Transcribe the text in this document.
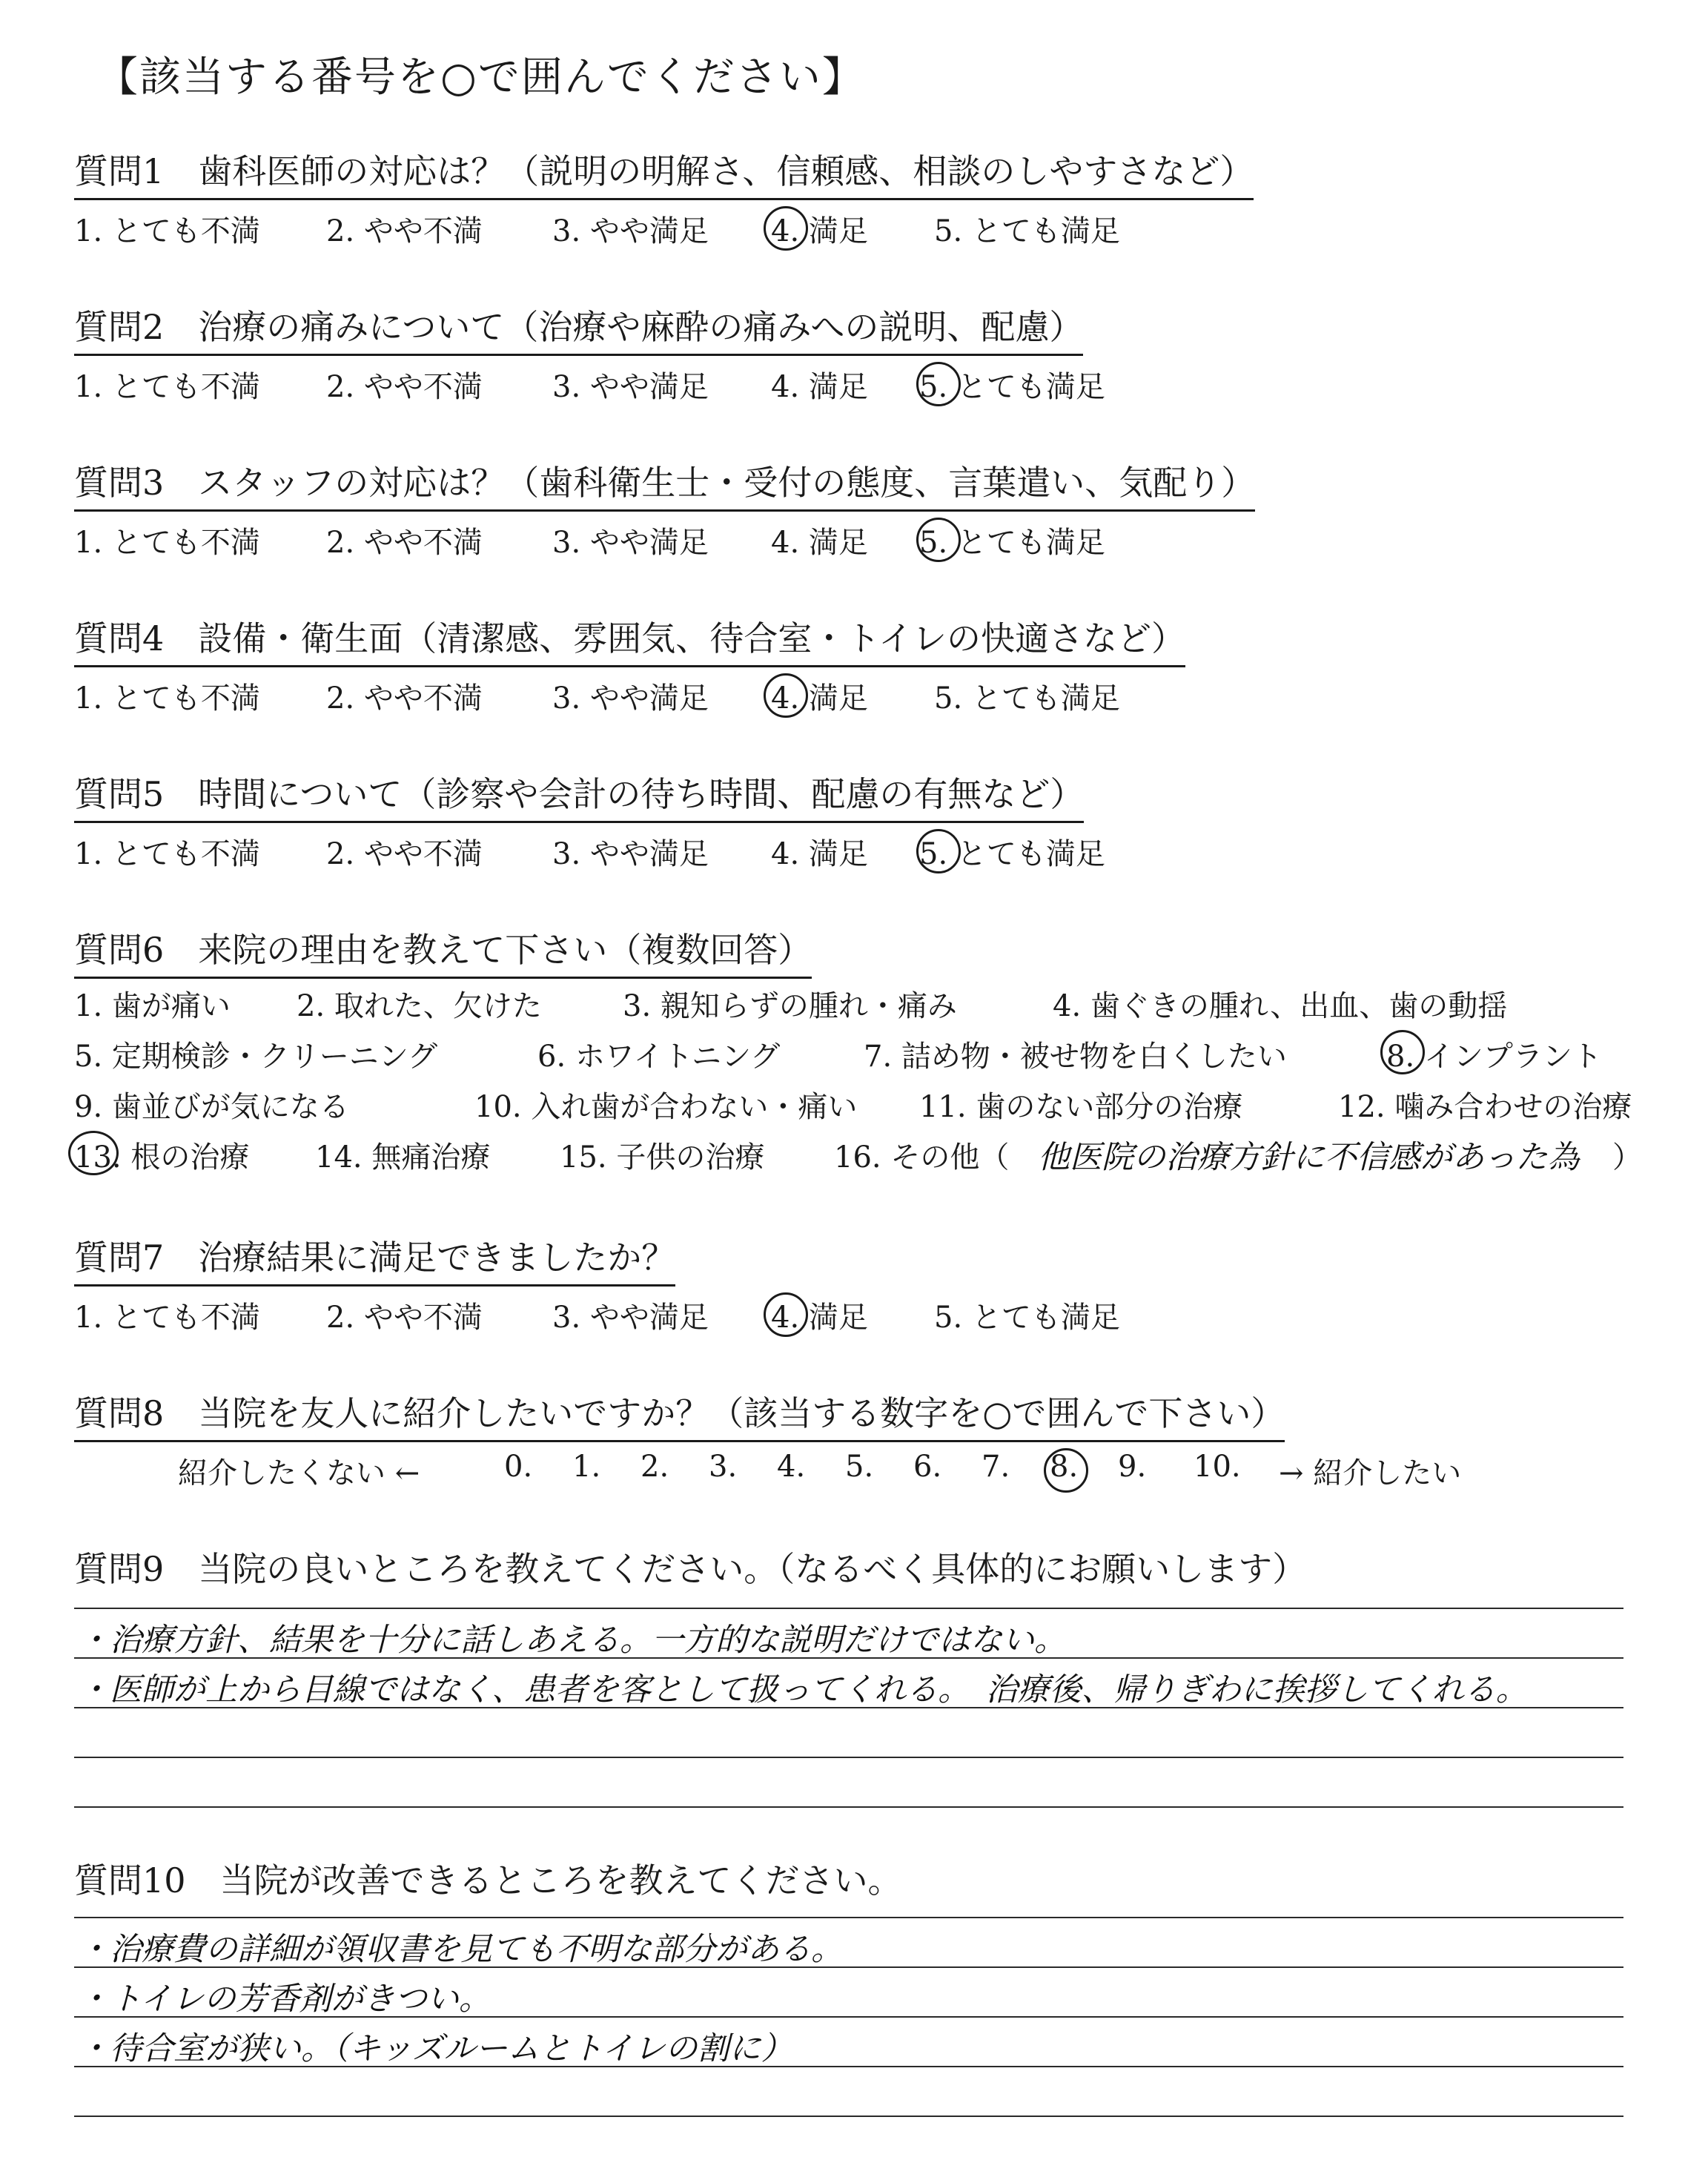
【該当する番号を○で囲んでください】
質問1　歯科医師の対応は？（説明の明解さ、信頼感、相談のしやすさなど）
1. とても不満 2. やや不満 3. やや満足 4. 満足 5. とても満足
質問2　治療の痛みについて（治療や麻酔の痛みへの説明、配慮）
1. とても不満 2. やや不満 3. やや満足 4. 満足 5. とても満足
質問3　スタッフの対応は？（歯科衛生士・受付の態度、言葉遣い、気配り）
1. とても不満 2. やや不満 3. やや満足 4. 満足 5. とても満足
質問4　設備・衛生面（清潔感、雰囲気、待合室・トイレの快適さなど）
1. とても不満 2. やや不満 3. やや満足 4. 満足 5. とても満足
質問5　時間について（診察や会計の待ち時間、配慮の有無など）
1. とても不満 2. やや不満 3. やや満足 4. 満足 5. とても満足
質問6　来院の理由を教えて下さい（複数回答）
1. 歯が痛い 2. 取れた、欠けた	3. 親知らずの腫れ・痛み	4. 歯ぐきの腫れ、出血、歯の動揺
5. 定期検診・クリーニング	6. ホワイトニング	7. 詰め物・被せ物を白くしたい	8. インプラント
9. 歯並びが気になる	10. 入れ歯が合わない・痛い 11. 歯のない部分の治療	12. 噛み合わせの治療
13. 根の治療 14. 無痛治療 15. 子供の治療 16. その他（ 他医院の治療方針に不信感があった為 ）
質問7　治療結果に満足できましたか？
1. とても不満 2. やや不満 3. やや満足 4. 満足 5. とても満足
質問8　当院を友人に紹介したいですか？（該当する数字を○で囲んで下さい）
紹介したくない ←	0. 1. 2. 3. 4. 5. 6. 7. 8. 9. 10. → 紹介したい
質問9　当院の良いところを教えてください。（なるべく具体的にお願いします）
・治療方針、結果を十分に話しあえる。一方的な説明だけではない。
・医師が上から目線ではなく、患者を客として扱ってくれる。　治療後、帰りぎわに挨拶してくれる。
質問10　当院が改善できるところを教えてください。
・治療費の詳細が領収書を見ても不明な部分がある。
・トイレの芳香剤がきつい。
・待合室が狭い。（キッズルームとトイレの割に）
